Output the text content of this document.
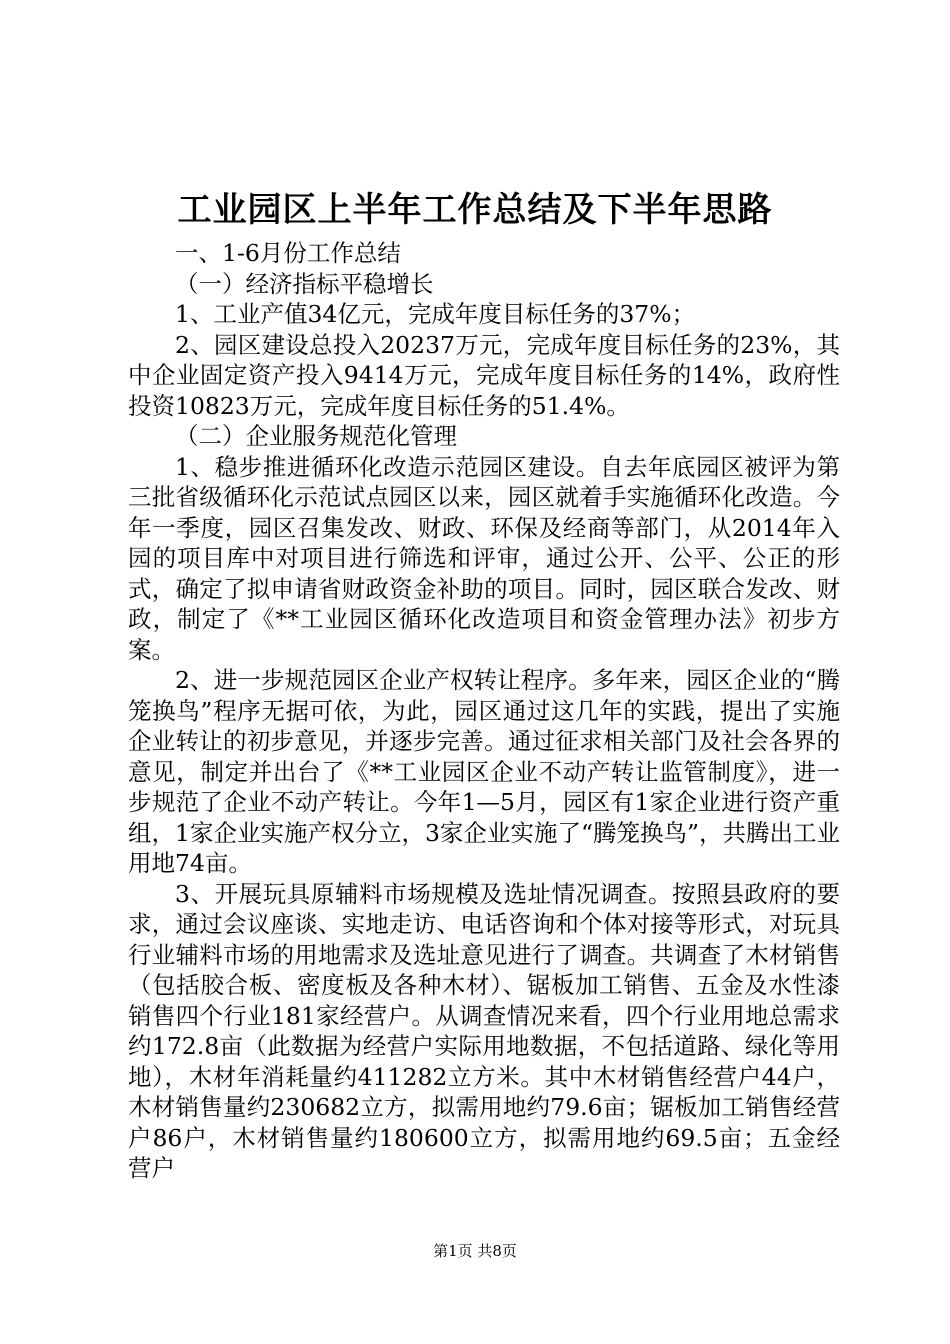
工业园区上半年工作总结及下半年思路

一、1-6月份工作总结

（一）经济指标平稳增长

1、工业产值34亿元，完成年度目标任务的37%；

2、园区建设总投入20237万元，完成年度目标任务的23%，其中企业固定资产投入9414万元，完成年度目标任务的14%，政府性投资10823万元，完成年度目标任务的51.4%。

（二）企业服务规范化管理

1、稳步推进循环化改造示范园区建设。自去年底园区被评为第三批省级循环化示范试点园区以来，园区就着手实施循环化改造。今年一季度，园区召集发改、财政、环保及经商等部门，从2014年入园的项目库中对项目进行筛选和评审，通过公开、公平、公正的形式，确定了拟申请省财政资金补助的项目。同时，园区联合发改、财政，制定了《**工业园区循环化改造项目和资金管理办法》初步方案。

2、进一步规范园区企业产权转让程序。多年来，园区企业的“腾笼换鸟”程序无据可依，为此，园区通过这几年的实践，提出了实施企业转让的初步意见，并逐步完善。通过征求相关部门及社会各界的意见，制定并出台了《**工业园区企业不动产转让监管制度》，进一步规范了企业不动产转让。今年1—5月，园区有1家企业进行资产重组，1家企业实施产权分立，3家企业实施了“腾笼换鸟”，共腾出工业用地74亩。

3、开展玩具原辅料市场规模及选址情况调查。按照县政府的要求，通过会议座谈、实地走访、电话咨询和个体对接等形式，对玩具行业辅料市场的用地需求及选址意见进行了调查。共调查了木材销售（包括胶合板、密度板及各种木材）、锯板加工销售、五金及水性漆销售四个行业181家经营户。从调查情况来看，四个行业用地总需求约172.8亩（此数据为经营户实际用地数据，不包括道路、绿化等用地），木材年消耗量约411282立方米。其中木材销售经营户44户，木材销售量约230682立方，拟需用地约79.6亩；锯板加工销售经营户86户，木材销售量约180600立方，拟需用地约69.5亩；五金经营户

第1页 共8页
